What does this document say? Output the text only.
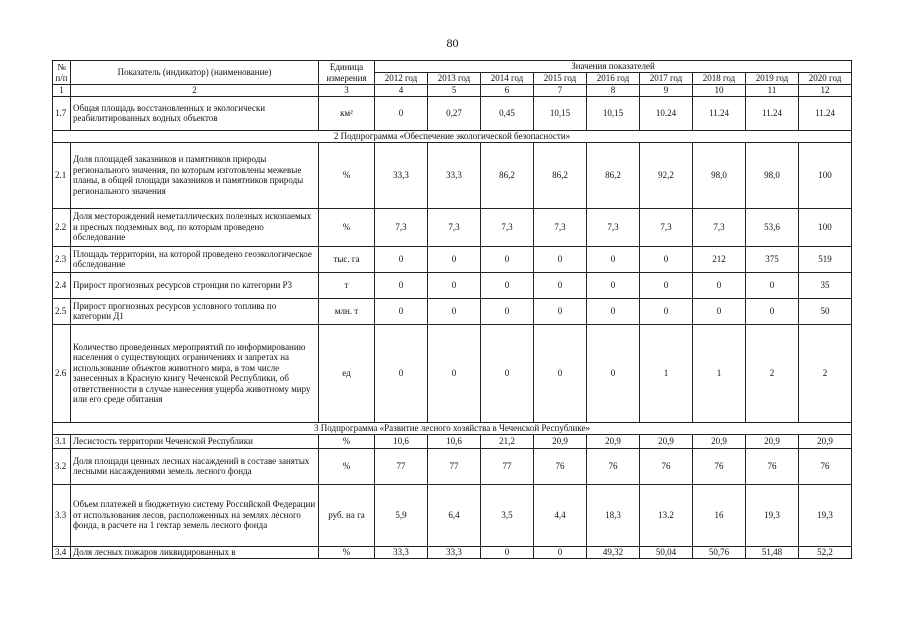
80
№ п/п	Показатель (индикатор) (наименование)	Единица измерения	Значения показателей								
			2012 год	2013 год	2014 год	2015 год	2016 год	2017 год	2018 год	2019 год	2020 год
1	2	3	4	5	6	7	8	9	10	11	12
1.7	Общая площадь восстановленных и экологически реабилитированных водных объектов	км²	0	0,27	0,45	10,15	10,15	10.24	11.24	11.24	11.24
2 Подпрограмма «Обеспечение экологической безопасности»											
2.1	Доля площадей заказников и памятников природы регионального значения, по которым изготовлены межевые планы, в общей площади заказников и памятников природы регионального значения	%	33,3	33,3	86,2	86,2	86,2	92,2	98,0	98,0	100
2.2	Доля месторождений неметаллических полезных ископаемых и пресных подземных вод, по которым проведено обследование	%	7,3	7,3	7,3	7,3	7,3	7,3	7,3	53,6	100
2.3	Площадь территории, на которой проведено геоэкологическое обследование	тыс. га	0	0	0	0	0	0	212	375	519
2.4	Прирост прогнозных ресурсов стронция по категории Р3	т	0	0	0	0	0	0	0	0	35
2.5	Прирост прогнозных ресурсов условного топлива по категории Д1	млн. т	0	0	0	0	0	0	0	0	50
2.6	Количество проведенных мероприятий по информированию населения о существующих ограничениях и запретах на использование объектов животного мира, в том числе занесенных в Красную книгу Чеченской Республики, об ответственности в случае нанесения ущерба животному миру или его среде обитания	ед	0	0	0	0	0	1	1	2	2
3 Подпрограмма «Развитие лесного хозяйства в Чеченской Республике»											
3.1	Лесистость территории Чеченской Республики	%	10,6	10,6	21,2	20,9	20,9	20,9	20,9	20,9	20,9
3.2	Доля площади ценных лесных насаждений в составе занятых лесными насаждениями земель лесного фонда	%	77	77	77	76	76	76	76	76	76
3.3	Объем платежей в бюджетную систему Российской Федерации от использования лесов, расположенных на землях лесного фонда, в расчете на 1 гектар земель лесного фонда	руб. на га	5,9	6,4	3,5	4,4	18,3	13.2	16	19,3	19,3
3.4	Доля лесных пожаров ликвидированных в	%	33,3	33,3	0	0	49,32	50,04	50,76	51,48	52,2
